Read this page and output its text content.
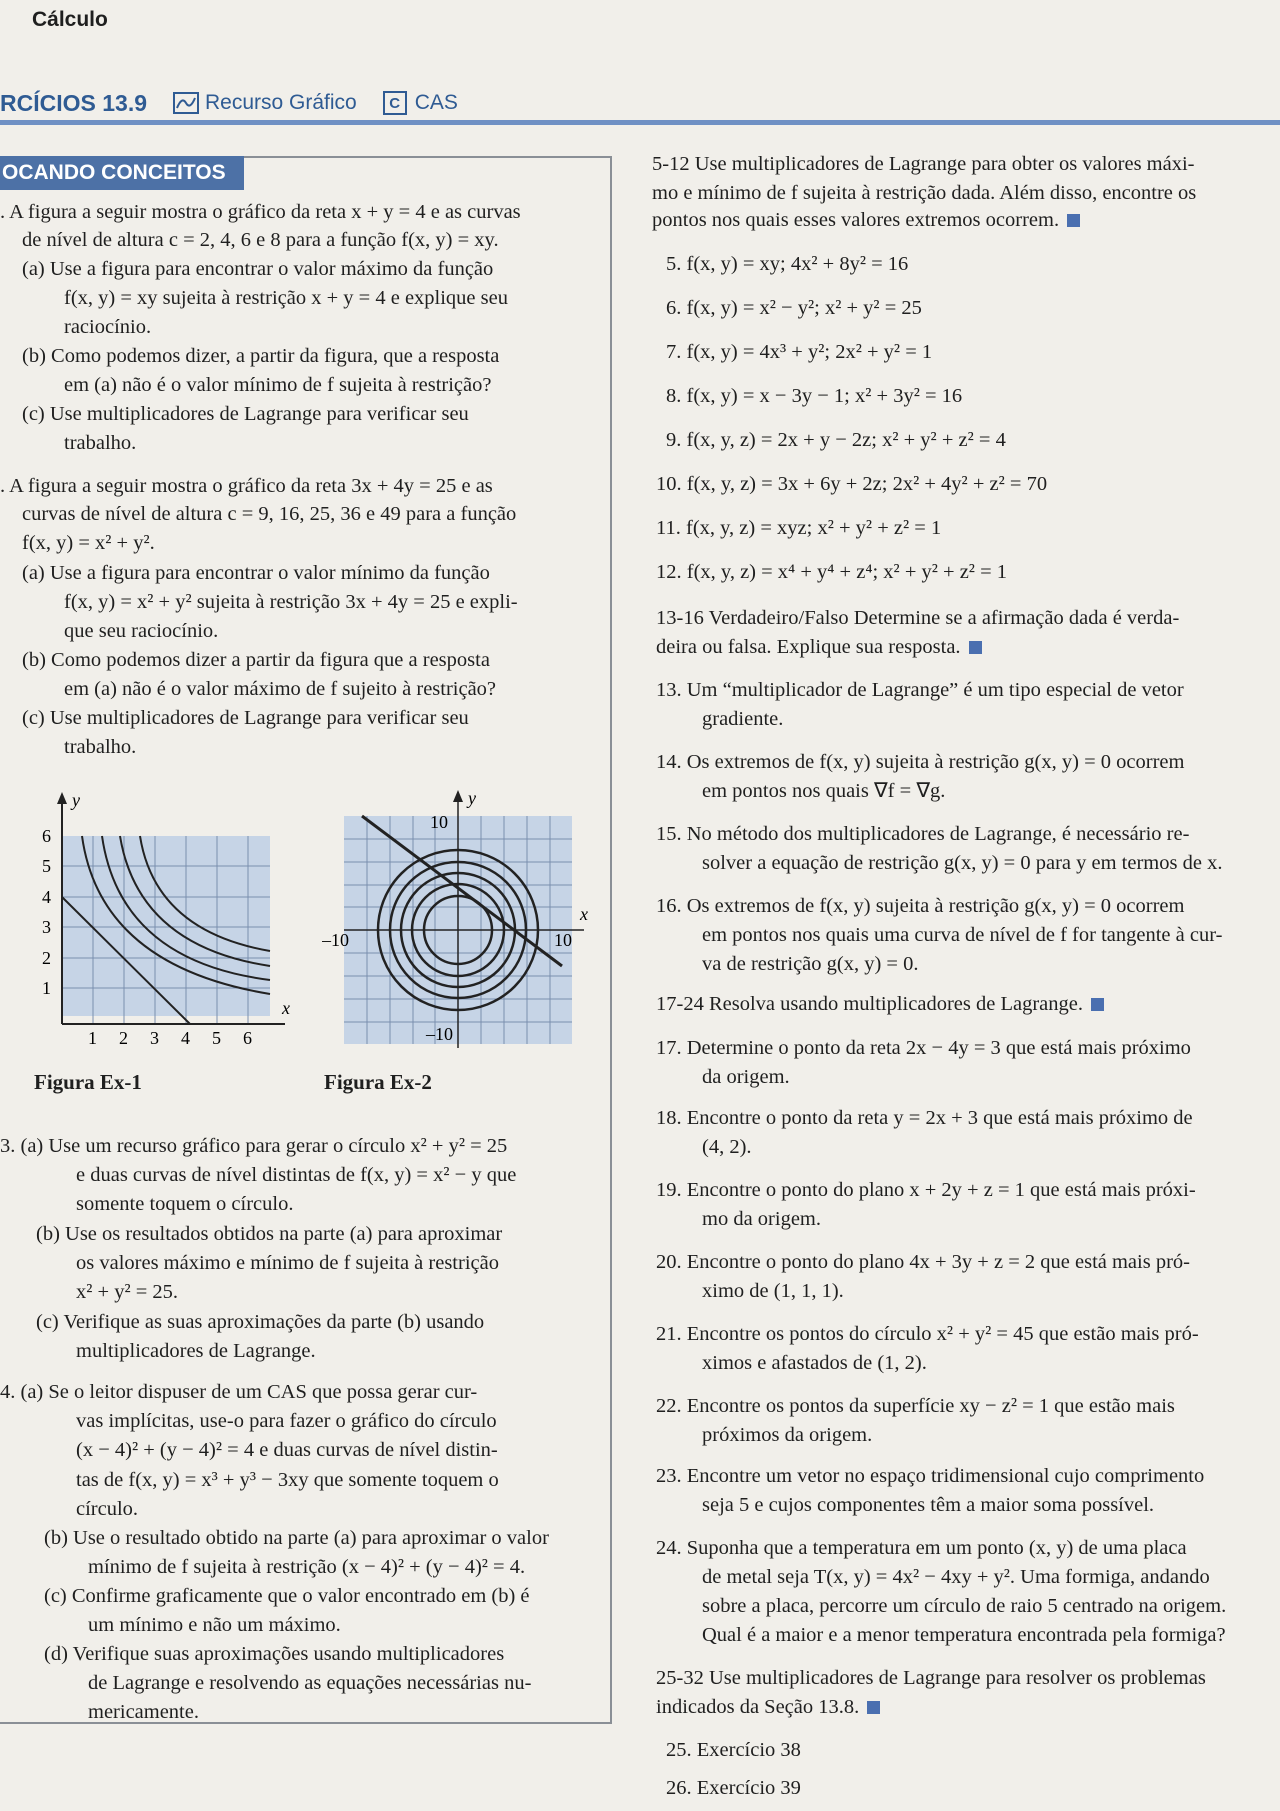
Cálculo
RCÍCIOS 13.9	Recurso Gráfico	C CAS
OCANDO CONCEITOS
. A figura a seguir mostra o gráfico da reta x + y = 4 e as curvas
de nível de altura c = 2, 4, 6 e 8 para a função f(x, y) = xy.
(a) Use a figura para encontrar o valor máximo da função
f(x, y) = xy sujeita à restrição x + y = 4 e explique seu
raciocínio.
(b) Como podemos dizer, a partir da figura, que a resposta
em (a) não é o valor mínimo de f sujeita à restrição?
(c) Use multiplicadores de Lagrange para verificar seu
trabalho.
. A figura a seguir mostra o gráfico da reta 3x + 4y = 25 e as
curvas de nível de altura c = 9, 16, 25, 36 e 49 para a função
f(x, y) = x² + y².
(a) Use a figura para encontrar o valor mínimo da função
f(x, y) = x² + y² sujeita à restrição 3x + 4y = 25 e expli-
que seu raciocínio.
(b) Como podemos dizer a partir da figura que a resposta
em (a) não é o valor máximo de f sujeito à restrição?
(c) Use multiplicadores de Lagrange para verificar seu
trabalho.
y
x
1 2 3 4 5 6
1
2
3
4
5
6
Figura Ex-1
y
x
10
–10
–10	10
Figura Ex-2
3. (a) Use um recurso gráfico para gerar o círculo x² + y² = 25
e duas curvas de nível distintas de f(x, y) = x² − y que
somente toquem o círculo.
(b) Use os resultados obtidos na parte (a) para aproximar
os valores máximo e mínimo de f sujeita à restrição
x² + y² = 25.
(c) Verifique as suas aproximações da parte (b) usando
multiplicadores de Lagrange.
4. (a) Se o leitor dispuser de um CAS que possa gerar cur-
vas implícitas, use-o para fazer o gráfico do círculo
(x − 4)² + (y − 4)² = 4 e duas curvas de nível distin-
tas de f(x, y) = x³ + y³ − 3xy que somente toquem o
círculo.
(b) Use o resultado obtido na parte (a) para aproximar o valor
mínimo de f sujeita à restrição (x − 4)² + (y − 4)² = 4.
(c) Confirme graficamente que o valor encontrado em (b) é
um mínimo e não um máximo.
(d) Verifique suas aproximações usando multiplicadores
de Lagrange e resolvendo as equações necessárias nu-
mericamente.
5-12 Use multiplicadores de Lagrange para obter os valores máxi-
mo e mínimo de f sujeita à restrição dada. Além disso, encontre os
pontos nos quais esses valores extremos ocorrem.
5. f(x, y) = xy; 4x² + 8y² = 16
6. f(x, y) = x² − y²; x² + y² = 25
7. f(x, y) = 4x³ + y²; 2x² + y² = 1
8. f(x, y) = x − 3y − 1; x² + 3y² = 16
9. f(x, y, z) = 2x + y − 2z; x² + y² + z² = 4
10. f(x, y, z) = 3x + 6y + 2z; 2x² + 4y² + z² = 70
11. f(x, y, z) = xyz; x² + y² + z² = 1
12. f(x, y, z) = x⁴ + y⁴ + z⁴; x² + y² + z² = 1
13-16 Verdadeiro/Falso Determine se a afirmação dada é verda-
deira ou falsa. Explique sua resposta.
13. Um “multiplicador de Lagrange” é um tipo especial de vetor
gradiente.
14. Os extremos de f(x, y) sujeita à restrição g(x, y) = 0 ocorrem
em pontos nos quais ∇f = ∇g.
15. No método dos multiplicadores de Lagrange, é necessário re-
solver a equação de restrição g(x, y) = 0 para y em termos de x.
16. Os extremos de f(x, y) sujeita à restrição g(x, y) = 0 ocorrem
em pontos nos quais uma curva de nível de f for tangente à cur-
va de restrição g(x, y) = 0.
17-24 Resolva usando multiplicadores de Lagrange.
17. Determine o ponto da reta 2x − 4y = 3 que está mais próximo
da origem.
18. Encontre o ponto da reta y = 2x + 3 que está mais próximo de
(4, 2).
19. Encontre o ponto do plano x + 2y + z = 1 que está mais próxi-
mo da origem.
20. Encontre o ponto do plano 4x + 3y + z = 2 que está mais pró-
ximo de (1, 1, 1).
21. Encontre os pontos do círculo x² + y² = 45 que estão mais pró-
ximos e afastados de (1, 2).
22. Encontre os pontos da superfície xy − z² = 1 que estão mais
próximos da origem.
23. Encontre um vetor no espaço tridimensional cujo comprimento
seja 5 e cujos componentes têm a maior soma possível.
24. Suponha que a temperatura em um ponto (x, y) de uma placa
de metal seja T(x, y) = 4x² − 4xy + y². Uma formiga, andando
sobre a placa, percorre um círculo de raio 5 centrado na origem.
Qual é a maior e a menor temperatura encontrada pela formiga?
25-32 Use multiplicadores de Lagrange para resolver os problemas
indicados da Seção 13.8.
25. Exercício 38
26. Exercício 39
